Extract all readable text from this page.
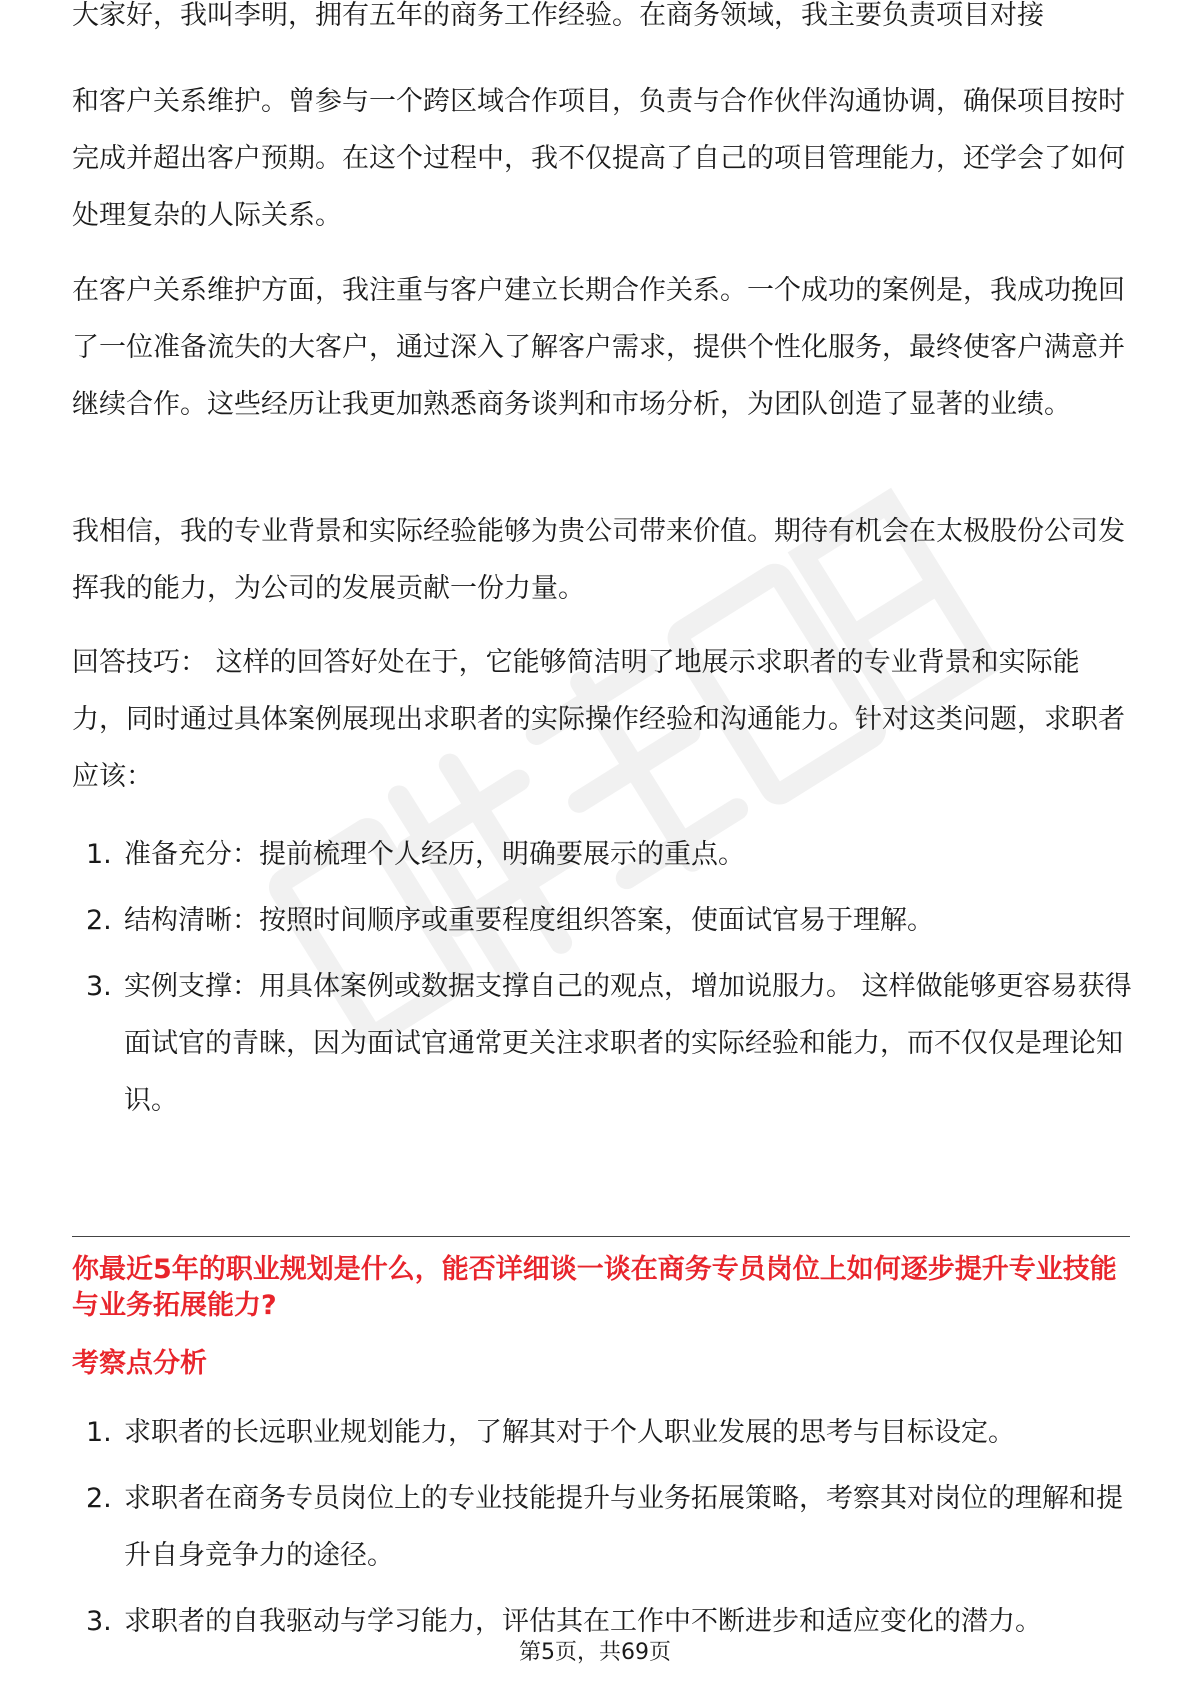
大家好，我叫李明，拥有五年的商务工作经验。在商务领域，我主要负责项目对接

和客户关系维护。曾参与一个跨区域合作项目，负责与合作伙伴沟通协调，确保项目按时完成并超出客户预期。在这个过程中，我不仅提高了自己的项目管理能力，还学会了如何处理复杂的人际关系。

在客户关系维护方面，我注重与客户建立长期合作关系。一个成功的案例是，我成功挽回了一位准备流失的大客户，通过深入了解客户需求，提供个性化服务，最终使客户满意并继续合作。这些经历让我更加熟悉商务谈判和市场分析，为团队创造了显著的业绩。

我相信，我的专业背景和实际经验能够为贵公司带来价值。期待有机会在太极股份公司发挥我的能力，为公司的发展贡献一份力量。

回答技巧： 这样的回答好处在于，它能够简洁明了地展示求职者的专业背景和实际能力，同时通过具体案例展现出求职者的实际操作经验和沟通能力。针对这类问题，求职者应该：

1. 准备充分：提前梳理个人经历，明确要展示的重点。
2. 结构清晰：按照时间顺序或重要程度组织答案，使面试官易于理解。
3. 实例支撑：用具体案例或数据支撑自己的观点，增加说服力。 这样做能够更容易获得面试官的青睐，因为面试官通常更关注求职者的实际经验和能力，而不仅仅是理论知识。
你最近5年的职业规划是什么，能否详细谈一谈在商务专员岗位上如何逐步提升专业技能与业务拓展能力?
考察点分析
1. 求职者的长远职业规划能力，了解其对于个人职业发展的思考与目标设定。
2. 求职者在商务专员岗位上的专业技能提升与业务拓展策略，考察其对岗位的理解和提升自身竞争力的途径。
3. 求职者的自我驱动与学习能力，评估其在工作中不断进步和适应变化的潜力。
第5页，共69页
